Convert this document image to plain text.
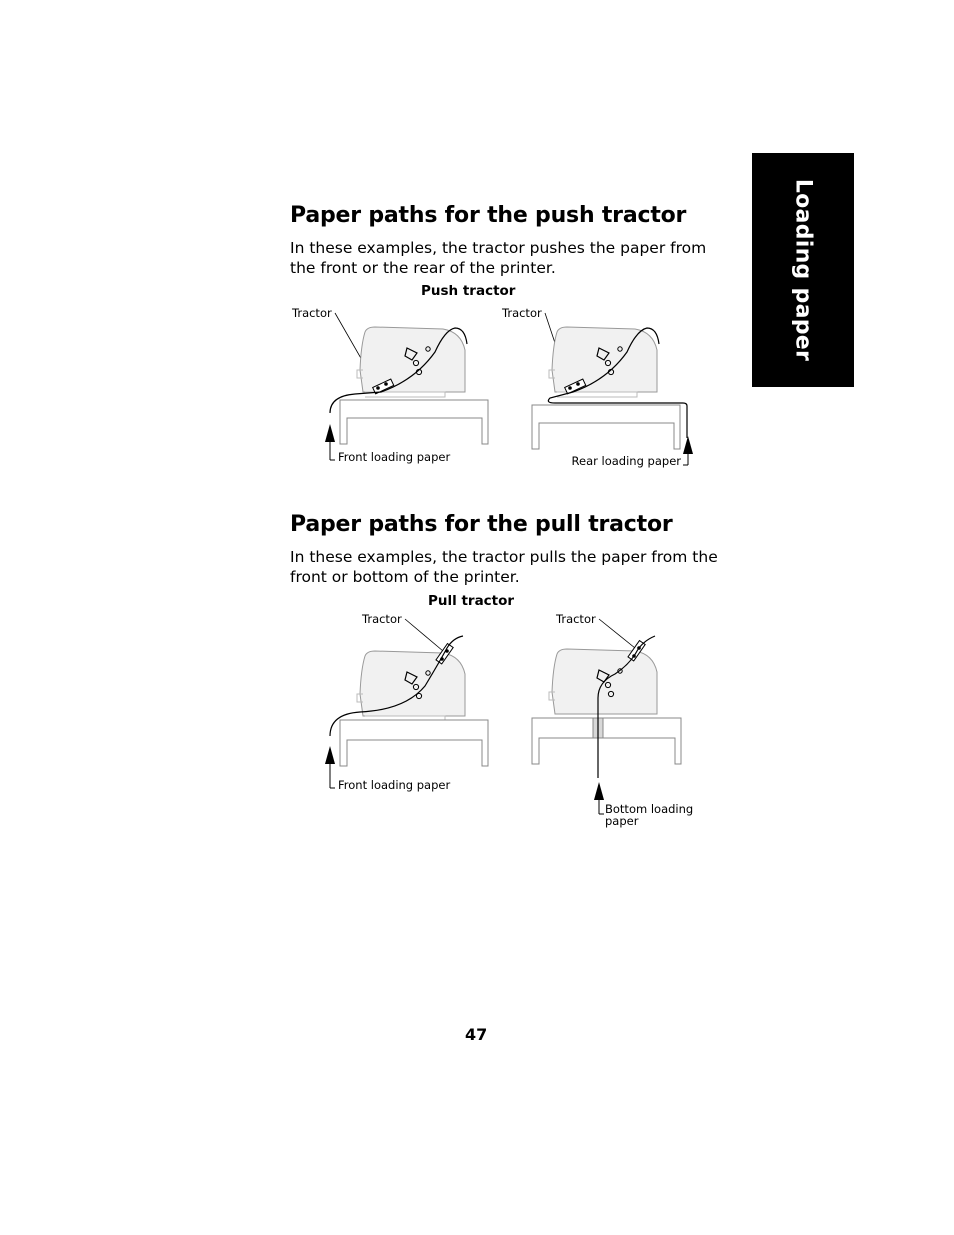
Loading paper
Paper paths for the push tractor

In these examples, the tractor pushes the paper from the front or the rear of the printer.

Push tractor
Tractor
Front loading paper
Tractor
Rear loading paper
Paper paths for the pull tractor

In these examples, the tractor pulls the paper from the front or bottom of the printer.

Pull tractor
Tractor
Front loading paper
Tractor
Bottom loading
paper
47
